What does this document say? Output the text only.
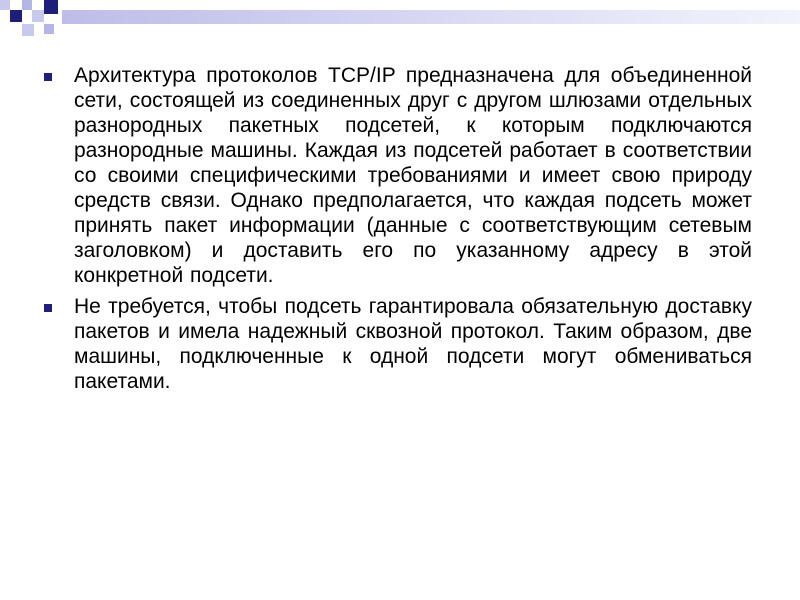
Архитектура протоколов TCP/IP предназначена для объединенной сети, состоящей из соединенных друг с другом шлюзами отдельных разнородных пакетных подсетей, к которым подключаются разнородные машины. Каждая из подсетей работает в соответствии со своими специфическими требованиями и имеет свою природу средств связи. Однако предполагается, что каждая подсеть может принять пакет информации (данные с соответствующим сетевым заголовком) и доставить его по указанному адресу в этой конкретной подсети.
Не требуется, чтобы подсеть гарантировала обязательную доставку пакетов и имела надежный сквозной протокол. Таким образом, две машины, подключенные к одной подсети могут обмениваться пакетами.
